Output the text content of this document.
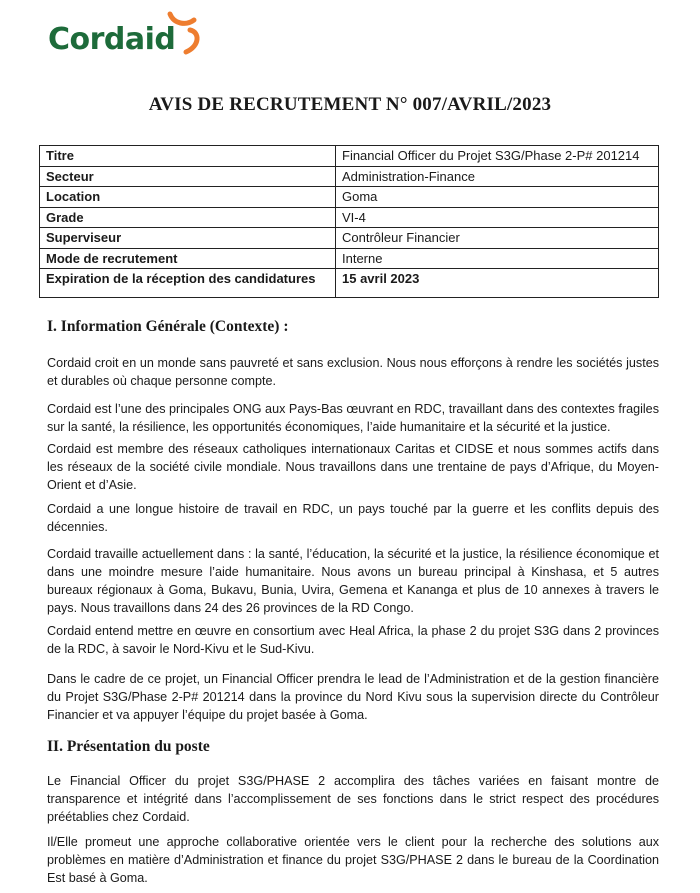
Cordaid
AVIS DE RECRUTEMENT N° 007/AVRIL/2023
Titre	Financial Officer du Projet S3G/Phase 2-P# 201214
Secteur	Administration-Finance
Location	Goma
Grade	VI-4
Superviseur	Contrôleur Financier
Mode de recrutement	Interne
Expiration de la réception des candidatures	15 avril 2023
I. Information Générale (Contexte) :
Cordaid croit en un monde sans pauvreté et sans exclusion. Nous nous efforçons à rendre les sociétés justes et durables où chaque personne compte.
Cordaid est l’une des principales ONG aux Pays-Bas œuvrant en RDC, travaillant dans des contextes fragiles sur la santé, la résilience, les opportunités économiques, l’aide humanitaire et la sécurité et la justice.
Cordaid est membre des réseaux catholiques internationaux Caritas et CIDSE et nous sommes actifs dans les réseaux de la société civile mondiale. Nous travaillons dans une trentaine de pays d’Afrique, du Moyen-Orient et d’Asie.
Cordaid a une longue histoire de travail en RDC, un pays touché par la guerre et les conflits depuis des décennies.
Cordaid travaille actuellement dans : la santé, l’éducation, la sécurité et la justice, la résilience économique et dans une moindre mesure l’aide humanitaire. Nous avons un bureau principal à Kinshasa, et 5 autres bureaux régionaux à Goma, Bukavu, Bunia, Uvira, Gemena et Kananga et plus de 10 annexes à travers le pays. Nous travaillons dans 24 des 26 provinces de la RD Congo.
Cordaid entend mettre en œuvre en consortium avec Heal Africa, la phase 2 du projet S3G dans 2 provinces de la RDC, à savoir le Nord-Kivu et le Sud-Kivu.
Dans le cadre de ce projet, un Financial Officer prendra le lead de l’Administration et de la gestion financière du Projet S3G/Phase 2-P# 201214 dans la province du Nord Kivu sous la supervision directe du Contrôleur Financier et va appuyer l’équipe du projet basée à Goma.
II. Présentation du poste
Le Financial Officer du projet S3G/PHASE 2 accomplira des tâches variées en faisant montre de transparence et intégrité dans l’accomplissement de ses fonctions dans le strict respect des procédures préétablies chez Cordaid.
Il/Elle promeut une approche collaborative orientée vers le client pour la recherche des solutions aux problèmes en matière d’Administration et finance du projet S3G/PHASE 2 dans le bureau de la Coordination Est basé à Goma.
